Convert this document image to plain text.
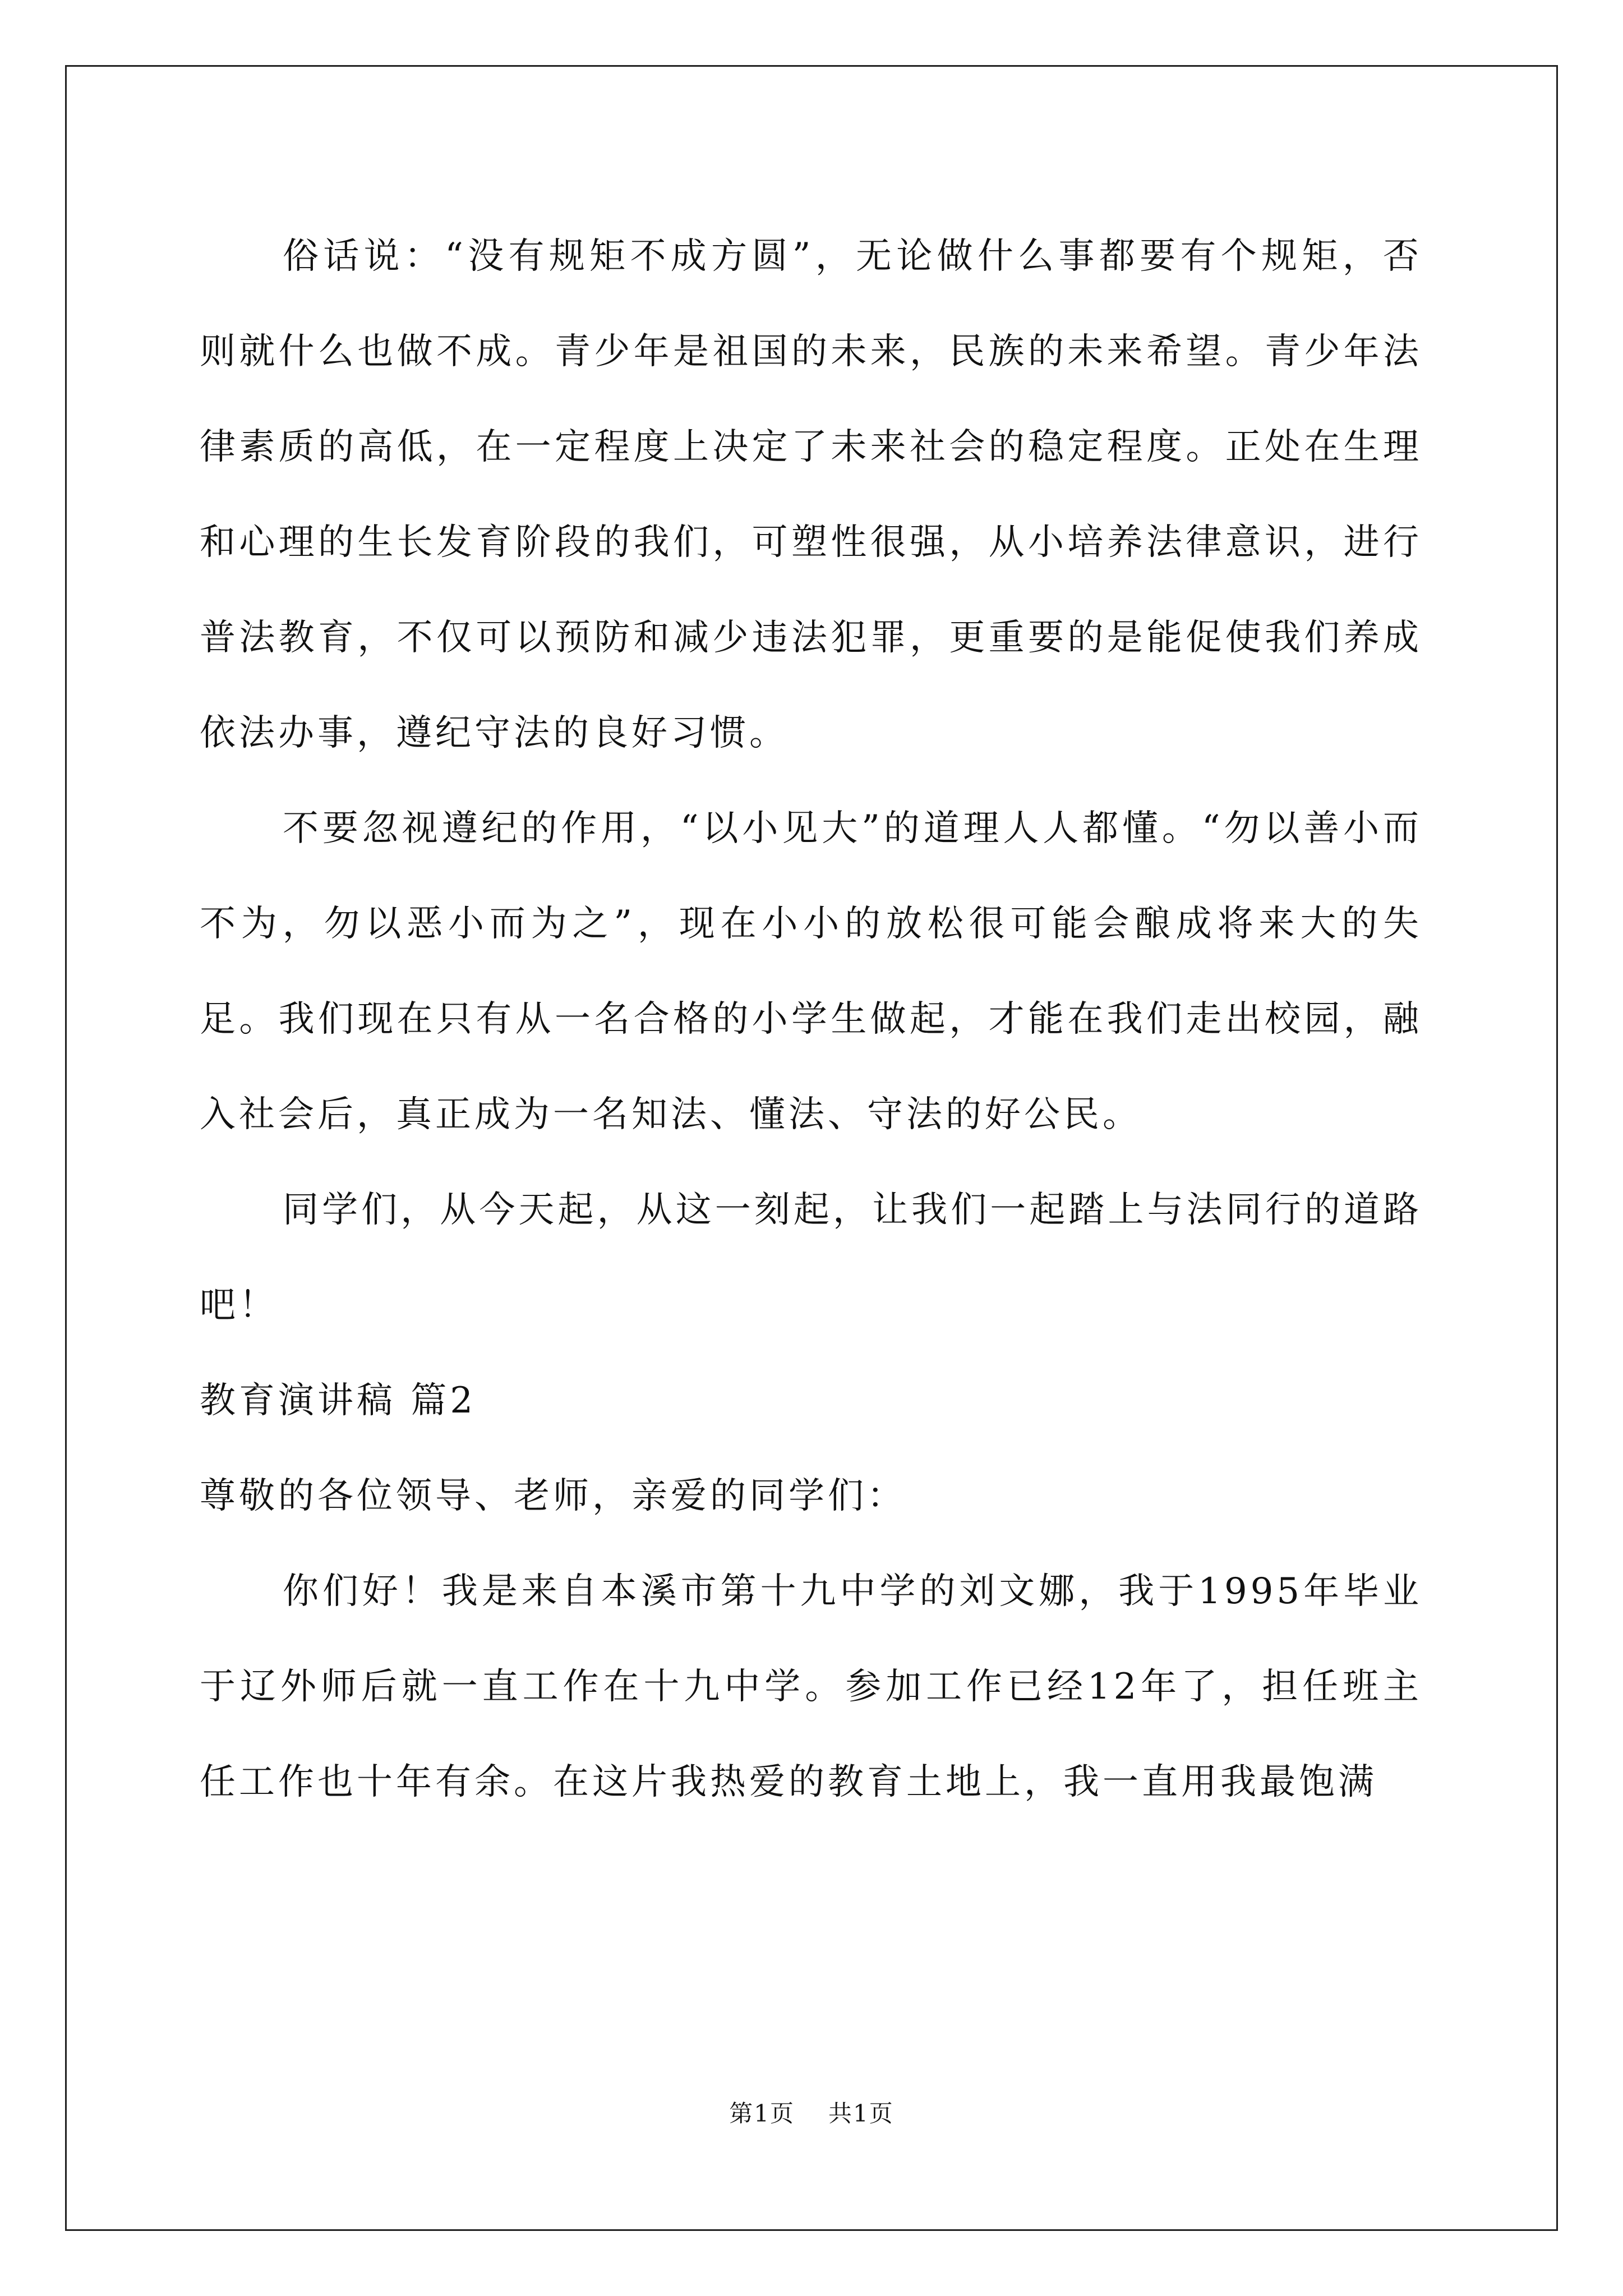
俗话说：“没有规矩不成方圆”，无论做什么事都要有个规矩，否则就什么也做不成。青少年是祖国的未来，民族的未来希望。青少年法律素质的高低，在一定程度上决定了未来社会的稳定程度。正处在生理和心理的生长发育阶段的我们，可塑性很强，从小培养法律意识，进行普法教育，不仅可以预防和减少违法犯罪，更重要的是能促使我们养成依法办事，遵纪守法的良好习惯。

不要忽视遵纪的作用，“以小见大”的道理人人都懂。“勿以善小而不为，勿以恶小而为之”，现在小小的放松很可能会酿成将来大的失足。我们现在只有从一名合格的小学生做起，才能在我们走出校园，融入社会后，真正成为一名知法、懂法、守法的好公民。

同学们，从今天起，从这一刻起，让我们一起踏上与法同行的道路吧！

教育演讲稿 篇2

尊敬的各位领导、老师，亲爱的同学们：

你们好！我是来自本溪市第十九中学的刘文娜，我于1995年毕业于辽外师后就一直工作在十九中学。参加工作已经12年了，担任班主任工作也十年有余。在这片我热爱的教育土地上，我一直用我最饱满

第1页 共1页
